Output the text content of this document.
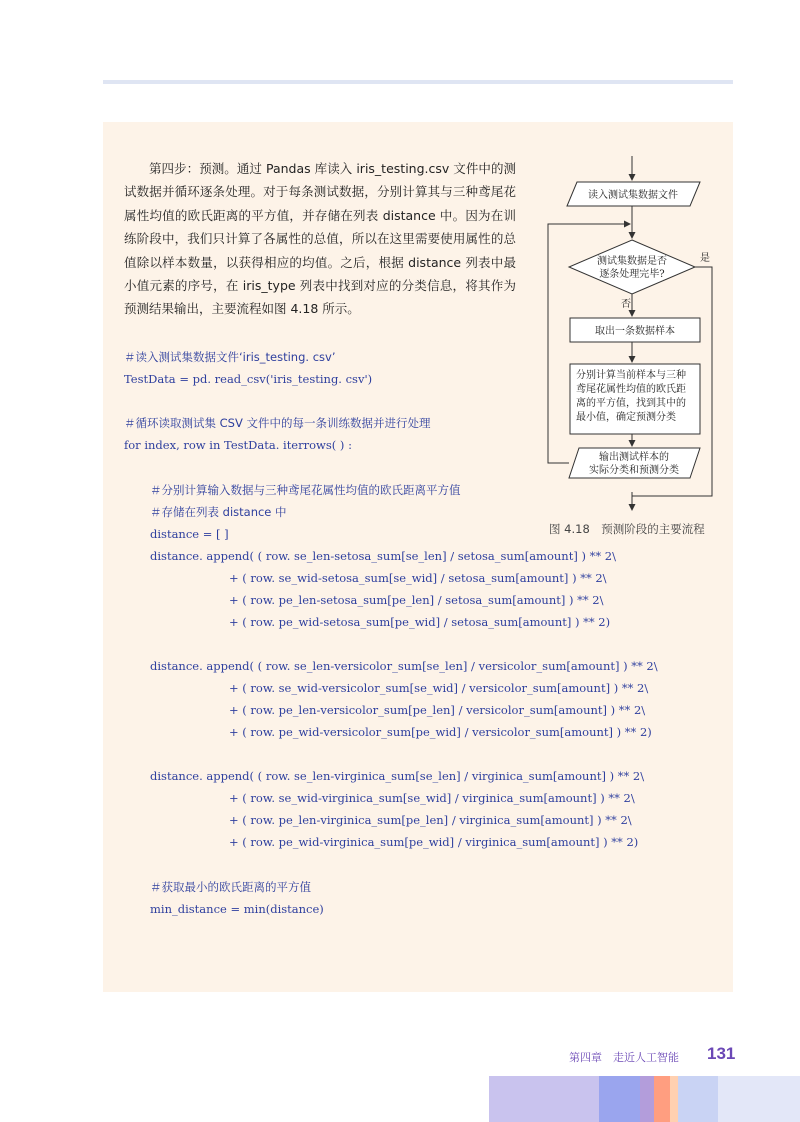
第四步：预测。通过 Pandas 库读入 iris_testing.csv 文件中的测试数据并循环逐条处理。对于每条测试数据，分别计算其与三种鸢尾花属性均值的欧氏距离的平方值，并存储在列表 distance 中。因为在训练阶段中，我们只计算了各属性的总值，所以在这里需要使用属性的总值除以样本数量，以获得相应的均值。之后，根据 distance 列表中最小值元素的序号，在 iris_type 列表中找到对应的分类信息，将其作为预测结果输出，主要流程如图 4.18 所示。

＃读入测试集数据文件‘iris_testing. csv’
TestData = pd. read_csv('iris_testing. csv')
＃循环读取测试集 CSV 文件中的每一条训练数据并进行处理
for index, row in TestData. iterrows( ) :
＃分别计算输入数据与三种鸢尾花属性均值的欧氏距离平方值
＃存储在列表 distance 中
distance = [ ]
distance. append( ( row. se_len-setosa_sum[se_len] / setosa_sum[amount] ) ** 2\
+ ( row. se_wid-setosa_sum[se_wid] / setosa_sum[amount] ) ** 2\
+ ( row. pe_len-setosa_sum[pe_len] / setosa_sum[amount] ) ** 2\
+ ( row. pe_wid-setosa_sum[pe_wid] / setosa_sum[amount] ) ** 2)
distance. append( ( row. se_len-versicolor_sum[se_len] / versicolor_sum[amount] ) ** 2\
+ ( row. se_wid-versicolor_sum[se_wid] / versicolor_sum[amount] ) ** 2\
+ ( row. pe_len-versicolor_sum[pe_len] / versicolor_sum[amount] ) ** 2\
+ ( row. pe_wid-versicolor_sum[pe_wid] / versicolor_sum[amount] ) ** 2)
distance. append( ( row. se_len-virginica_sum[se_len] / virginica_sum[amount] ) ** 2\
+ ( row. se_wid-virginica_sum[se_wid] / virginica_sum[amount] ) ** 2\
+ ( row. pe_len-virginica_sum[pe_len] / virginica_sum[amount] ) ** 2\
+ ( row. pe_wid-virginica_sum[pe_wid] / virginica_sum[amount] ) ** 2)
＃获取最小的欧氏距离的平方值
min_distance = min(distance)
读入测试集数据文件
测试集数据是否
逐条处理完毕?
是
否
取出一条数据样本
分别计算当前样本与三种
鸢尾花属性均值的欧氏距
离的平方值，找到其中的
最小值，确定预测分类
输出测试样本的
实际分类和预测分类
图 4.18　预测阶段的主要流程
第四章　走近人工智能 131
